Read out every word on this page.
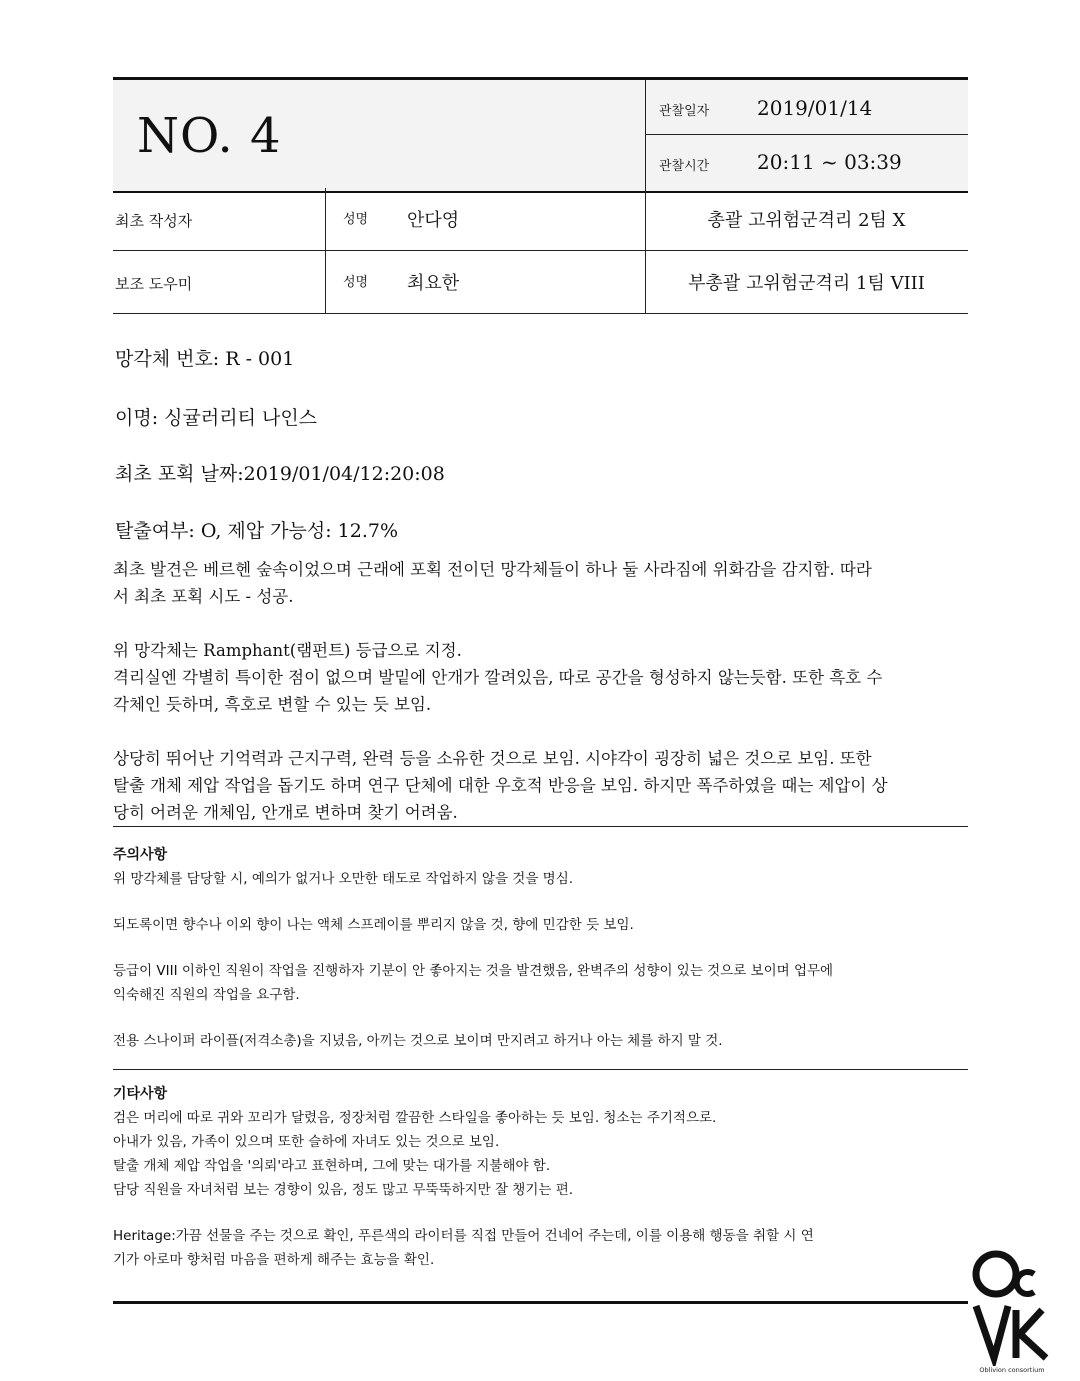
NO. 4	관찰일자 2019/01/14
관찰시간 20:11 ~ 03:39
최초 작성자	성명 안다영	총괄 고위험군격리 2팀 X
보조 도우미	성명 최요한	부총괄 고위험군격리 1팀 VIII
망각체 번호: R - 001
이명: 싱귤러리티 나인스
최초 포획 날짜:2019/01/04/12:20:08
탈출여부: O, 제압 가능성: 12.7%

최초 발견은 베르헨 숲속이었으며 근래에 포획 전이던 망각체들이 하나 둘 사라짐에 위화감을 감지함. 따라

서 최초 포획 시도 - 성공.

위 망각체는 Ramphant(램펀트) 등급으로 지정.

격리실엔 각별히 특이한 점이 없으며 발밑에 안개가 깔려있음, 따로 공간을 형성하지 않는듯함. 또한 흑호 수

각체인 듯하며, 흑호로 변할 수 있는 듯 보임.

상당히 뛰어난 기억력과 근지구력, 완력 등을 소유한 것으로 보임. 시야각이 굉장히 넓은 것으로 보임. 또한

탈출 개체 제압 작업을 돕기도 하며 연구 단체에 대한 우호적 반응을 보임. 하지만 폭주하였을 때는 제압이 상

당히 어려운 개체임, 안개로 변하며 찾기 어려움.

주의사항

위 망각체를 담당할 시, 예의가 없거나 오만한 태도로 작업하지 않을 것을 명심.

되도록이면 향수나 이외 향이 나는 액체 스프레이를 뿌리지 않을 것, 향에 민감한 듯 보임.

등급이 VIII 이하인 직원이 작업을 진행하자 기분이 안 좋아지는 것을 발견했음, 완벽주의 성향이 있는 것으로 보이며 업무에

익숙해진 직원의 작업을 요구함.

전용 스나이퍼 라이플(저격소총)을 지녔음, 아끼는 것으로 보이며 만지려고 하거나 아는 체를 하지 말 것.

기타사항

검은 머리에 따로 귀와 꼬리가 달렸음, 정장처럼 깔끔한 스타일을 좋아하는 듯 보임. 청소는 주기적으로.

아내가 있음, 가족이 있으며 또한 슬하에 자녀도 있는 것으로 보임.

탈출 개체 제압 작업을 '의뢰'라고 표현하며, 그에 맞는 대가를 지불해야 함.

담당 직원을 자녀처럼 보는 경향이 있음, 정도 많고 무뚝뚝하지만 잘 챙기는 편.

Heritage:가끔 선물을 주는 것으로 확인, 푸른색의 라이터를 직접 만들어 건네어 주는데, 이를 이용해 행동을 취할 시 연

기가 아로마 향처럼 마음을 편하게 해주는 효능을 확인.

Oblivion consortium
